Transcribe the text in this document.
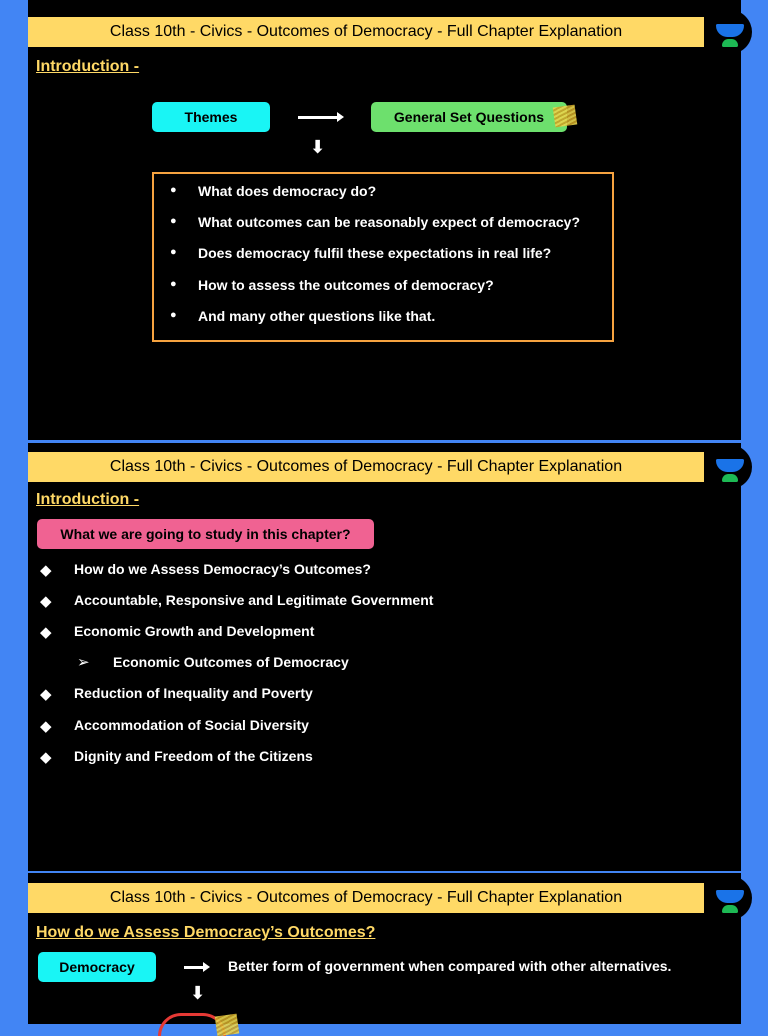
Class 10th - Civics - Outcomes of Democracy - Full Chapter Explanation
Introduction -
Themes	General Set Questions
⬇
● What does democracy do?
● What outcomes can be reasonably expect of democracy?
● Does democracy fulfil these expectations in real life?
● How to assess the outcomes of democracy?
● And many other questions like that.
Class 10th - Civics - Outcomes of Democracy - Full Chapter Explanation
Introduction -
What we are going to study in this chapter?
◆ How do we Assess Democracy’s Outcomes?
◆ Accountable, Responsive and Legitimate Government
◆ Economic Growth and Development
➢ Economic Outcomes of Democracy
◆ Reduction of Inequality and Poverty
◆ Accommodation of Social Diversity
◆ Dignity and Freedom of the Citizens
Class 10th - Civics - Outcomes of Democracy - Full Chapter Explanation
How do we Assess Democracy’s Outcomes?
Democracy	Better form of government when compared with other alternatives.
⬇
